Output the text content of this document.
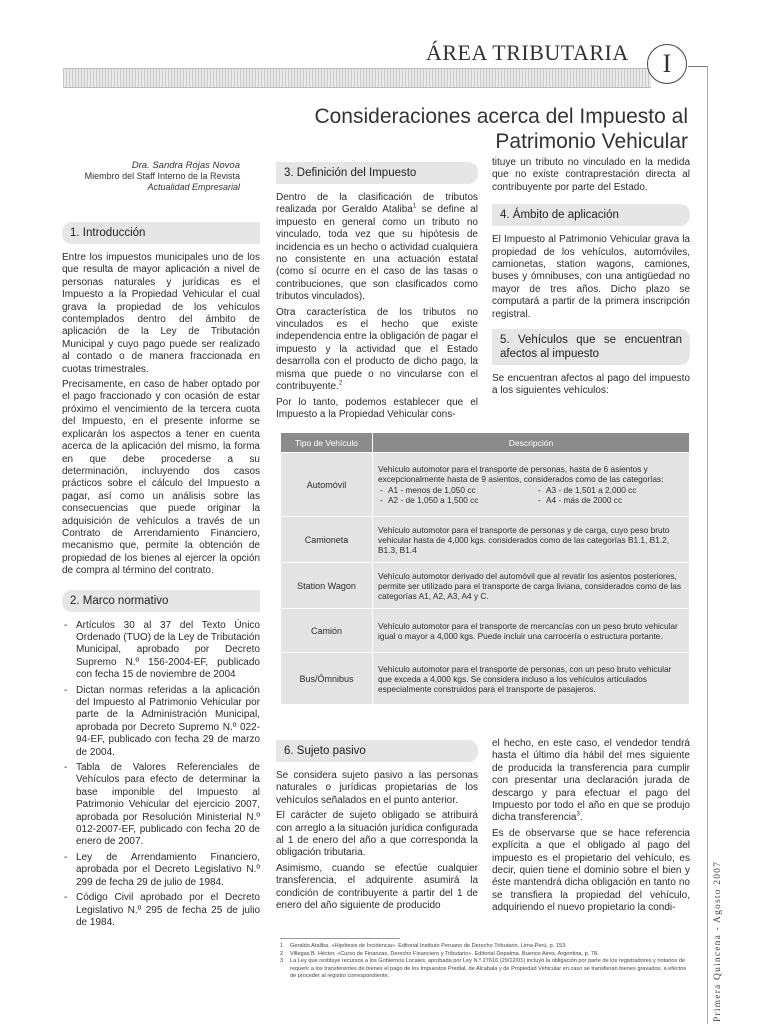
ÁREA TRIBUTARIA	I
Consideraciones acerca del Impuesto al
Patrimonio Vehicular
Dra. Sandra Rojas Novoa
Miembro del Staff Interno de la Revista
Actualidad Empresarial
1. Introducción

Entre los impuestos municipales uno de los que resulta de mayor aplicación a nivel de personas naturales y jurídicas es el Impuesto a la Propiedad Vehicular el cual grava la propiedad de los vehículos contemplados dentro del ámbito de aplicación de la Ley de Tributación Municipal y cuyo pago puede ser realizado al contado o de manera fraccionada en cuotas trimestrales.

Precisamente, en caso de haber optado por el pago fraccionado y con ocasión de estar próximo el vencimiento de la tercera cuota del Impuesto, en el presente informe se explicarán los aspectos a tener en cuenta acerca de la aplicación del mismo, la forma en que debe procederse a su determinación, incluyendo dos casos prácticos sobre el cálculo del Impuesto a pagar, así como un análisis sobre las consecuencias que puede originar la adquisición de vehículos a través de un Contrato de Arrendamiento Financiero, mecanismo que, permite la obtención de propiedad de los bienes al ejercer la opción de compra al término del contrato.

2. Marco normativo
- Artículos 30 al 37 del Texto Único Ordenado (TUO) de la Ley de Tributación Municipal, aprobado por Decreto Supremo N.º 156-2004-EF, publicado con fecha 15 de noviembre de 2004
- Dictan normas referidas a la aplicación del Impuesto al Patrimonio Vehicular por parte de la Administración Municipal, aprobada por Decreto Supremo N.º 022-94-EF, publicado con fecha 29 de marzo de 2004.
- Tabla de Valores Referenciales de Vehículos para efecto de determinar la base imponible del Impuesto al Patrimonio Vehicular del ejercicio 2007, aprobada por Resolución Ministerial N.º 012-2007-EF, publicado con fecha 20 de enero de 2007.
- Ley de Arrendamiento Financiero, aprobada por el Decreto Legislativo N.º 299 de fecha 29 de julio de 1984.
- Código Civil aprobado por el Decreto Legislativo N.º 295 de fecha 25 de julio de 1984.
3. Definición del Impuesto

Dentro de la clasificación de tributos realizada por Geraldo Ataliba$^1$ se define al impuesto en general como un tributo no vinculado, toda vez que su hipótesis de incidencia es un hecho o actividad cualquiera no consistente en una actuación estatal (como sí ocurre en el caso de las tasas o contribuciones, que son clasificados como tributos vinculados).

Otra característica de los tributos no vinculados es el hecho que existe independencia entre la obligación de pagar el impuesto y la actividad que el Estado desarrolla con el producto de dicho pago, la misma que puede o no vincularse con el contribuyente.$^2$

Por lo tanto, podemos establecer que el Impuesto a la Propiedad Vehicular cons-

tituye un tributo no vinculado en la medida que no existe contraprestación directa al contribuyente por parte del Estado.

4. Ámbito de aplicación

El Impuesto al Patrimonio Vehicular grava la propiedad de los vehículos, automóviles, camionetas, station wagons, camiones, buses y ómnibuses, con una antigüedad no mayor de tres años. Dicho plazo se computará a partir de la primera inscripción registral.

5. Vehículos que se encuentran afectos al impuesto

Se encuentran afectos al pago del impuesto a los siguientes vehículos:

Tipo de Vehículo	Descripción
Automóvil	Vehículo automotor para el transporte de personas, hasta de 6 asientos y excepcionalmente hasta de 9 asientos, considerados como de las categorías:
- A1 - menos de 1,050 cc
- A2 - de 1,050 a 1,500 cc
- A3 - de 1,501 a 2,000 cc
- A4 - más de 2000 cc

Camioneta	Vehículo automotor para el transporte de personas y de carga, cuyo peso bruto vehicular hasta de 4,000 kgs. considerados como de las categorías B1.1, B1.2, B1.3, B1.4
Station Wagon	Vehículo automotor derivado del automóvil que al revatir los asientos posteriores, permite ser utilizado para el transporte de carga liviana, considerados como de las categorías A1, A2, A3, A4 y C.
Camión	Vehículo automotor para el transporte de mercancías con un peso bruto vehicular igual o mayor a 4,000 kgs. Puede incluir una carrocería o estructura portante.
Bus/Ómnibus	Vehículo automotor para el transporte de personas, con un peso bruto vehicular que exceda a 4,000 kgs. Se considera incluso a los vehículos articulados especialmente construidos para el transporte de pasajeros.
6. Sujeto pasivo

Se considera sujeto pasivo a las personas naturales o jurídicas propietarias de los vehículos señalados en el punto anterior.

El carácter de sujeto obligado se atribuirá con arreglo a la situación jurídica configurada al 1 de enero del año a que corresponda la obligación tributaria.

Asimismo, cuando se efectúe cualquier transferencia, el adquirente asumirá la condición de contribuyente a partir del 1 de enero del año siguiente de producido

el hecho, en este caso, el vendedor tendrá hasta el último día hábil del mes siguiente de producida la transferencia para cumplir con presentar una declaración jurada de descargo y para efectuar el pago del Impuesto por todo el año en que se produjo dicha transferencia$^3$.

Es de observarse que se hace referencia explícita a que el obligado al pago del impuesto es el propietario del vehículo, es decir, quien tiene el dominio sobre el bien y éste mantendrá dicha obligación en tanto no se transfiera la propiedad del vehículo, adquiriendo el nuevo propietario la condi-

1 Geraldo Ataliba. «Hipótesis de Incidencia». Editorial Instituto Peruano de Derecho Tributario. Lima-Perú, p. 153.
2 Villegas B. Héctor. «Curso de Finanzas, Derecho Financiero y Tributario». Editorial Depalma. Buenos Aires, Argentina, p. 78.
3 La Ley que restituye recursos a los Gobiernos Locales, aprobada por Ley N.º 27616 (29/12/01) incluyó la obligación por parte de los registradores y notarios de requerir a los transferentes de bienes el pago de los Impuestos Predial, de Alcabala y de Propiedad Vehicular en caso se transfieran bienes gravados, a efectos de proceder al registro correspondiente.	Primera Quincena - Agosto 2007
